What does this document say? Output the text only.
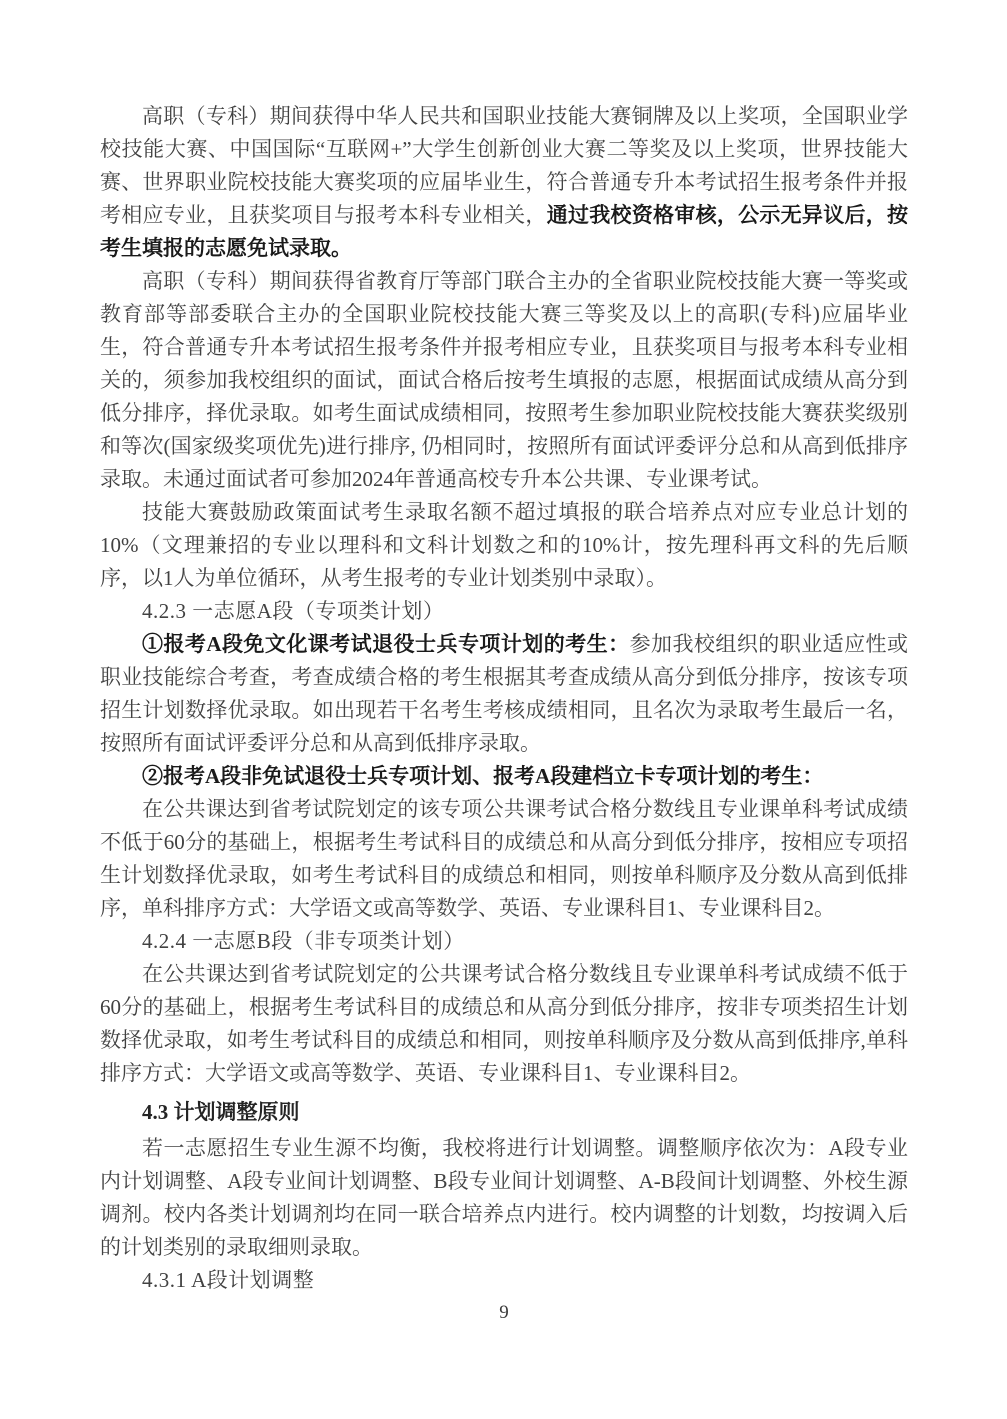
高职（专科）期间获得中华人民共和国职业技能大赛铜牌及以上奖项，全国职业学校技能大赛、中国国际“互联网+”大学生创新创业大赛二等奖及以上奖项，世界技能大赛、世界职业院校技能大赛奖项的应届毕业生，符合普通专升本考试招生报考条件并报考相应专业，且获奖项目与报考本科专业相关，通过我校资格审核，公示无异议后，按考生填报的志愿免试录取。

高职（专科）期间获得省教育厅等部门联合主办的全省职业院校技能大赛一等奖或教育部等部委联合主办的全国职业院校技能大赛三等奖及以上的高职(专科)应届毕业生，符合普通专升本考试招生报考条件并报考相应专业，且获奖项目与报考本科专业相关的，须参加我校组织的面试，面试合格后按考生填报的志愿，根据面试成绩从高分到低分排序，择优录取。如考生面试成绩相同，按照考生参加职业院校技能大赛获奖级别和等次(国家级奖项优先)进行排序, 仍相同时，按照所有面试评委评分总和从高到低排序录取。未通过面试者可参加2024年普通高校专升本公共课、专业课考试。

技能大赛鼓励政策面试考生录取名额不超过填报的联合培养点对应专业总计划的10%（文理兼招的专业以理科和文科计划数之和的10%计，按先理科再文科的先后顺序，以1人为单位循环，从考生报考的专业计划类别中录取）。

4.2.3 一志愿A段（专项类计划）

①报考A段免文化课考试退役士兵专项计划的考生：参加我校组织的职业适应性或职业技能综合考查，考查成绩合格的考生根据其考查成绩从高分到低分排序，按该专项招生计划数择优录取。如出现若干名考生考核成绩相同，且名次为录取考生最后一名，按照所有面试评委评分总和从高到低排序录取。

②报考A段非免试退役士兵专项计划、报考A段建档立卡专项计划的考生：

在公共课达到省考试院划定的该专项公共课考试合格分数线且专业课单科考试成绩不低于60分的基础上，根据考生考试科目的成绩总和从高分到低分排序，按相应专项招生计划数择优录取，如考生考试科目的成绩总和相同，则按单科顺序及分数从高到低排序，单科排序方式：大学语文或高等数学、英语、专业课科目1、专业课科目2。

4.2.4 一志愿B段（非专项类计划）

在公共课达到省考试院划定的公共课考试合格分数线且专业课单科考试成绩不低于60分的基础上，根据考生考试科目的成绩总和从高分到低分排序，按非专项类招生计划数择优录取，如考生考试科目的成绩总和相同，则按单科顺序及分数从高到低排序,单科排序方式：大学语文或高等数学、英语、专业课科目1、专业课科目2。

4.3 计划调整原则

若一志愿招生专业生源不均衡，我校将进行计划调整。调整顺序依次为：A段专业内计划调整、A段专业间计划调整、B段专业间计划调整、A-B段间计划调整、外校生源调剂。校内各类计划调剂均在同一联合培养点内进行。校内调整的计划数，均按调入后的计划类别的录取细则录取。

4.3.1 A段计划调整

9
